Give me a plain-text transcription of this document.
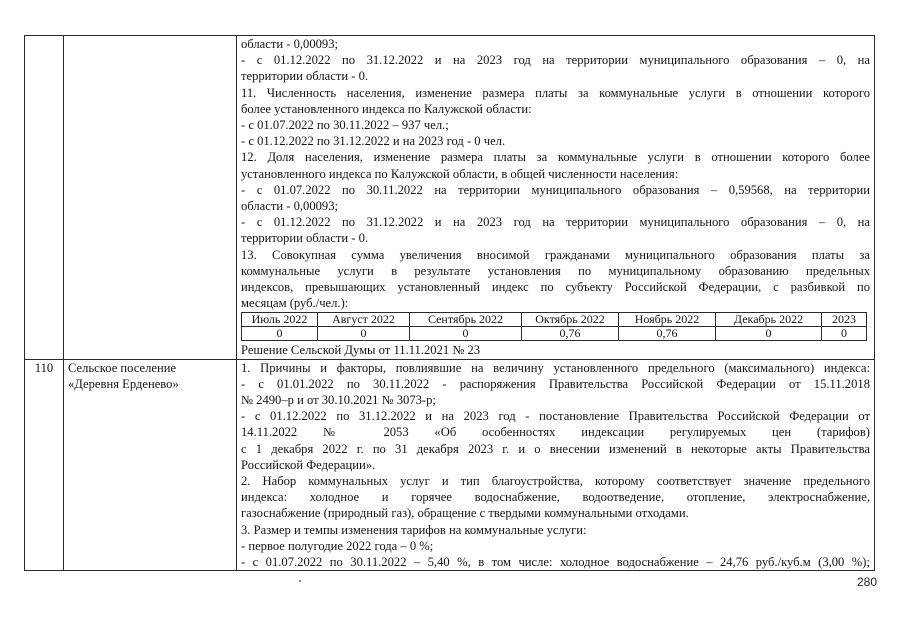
области - 0,00093;
- с 01.12.2022 по 31.12.2022 и на 2023 год на территории муниципального образования – 0, на
территории области - 0.
11. Численность населения, изменение размера платы за коммунальные услуги в отношении которого
более установленного индекса по Калужской области:
- с 01.07.2022 по 30.11.2022 – 937 чел.;
- с 01.12.2022 по 31.12.2022 и на 2023 год - 0 чел.
12. Доля населения, изменение размера платы за коммунальные услуги в отношении которого более
установленного индекса по Калужской области, в общей численности населения:
- с 01.07.2022 по 30.11.2022 на территории муниципального образования – 0,59568, на территории
области - 0,00093;
- с 01.12.2022 по 31.12.2022 и на 2023 год на территории муниципального образования – 0, на
территории области - 0.
13. Совокупная сумма увеличения вносимой гражданами муниципального образования платы за
коммунальные услуги в результате установления по муниципальному образованию предельных
индексов, превышающих установленный индекс по субъекту Российской Федерации, с разбивкой по
месяцам (руб./чел.):
Июль 2022	Август 2022	Сентябрь 2022	Октябрь 2022	Ноябрь 2022	Декабрь 2022	2023
0	0	0	0,76	0,76	0	0
Решение Сельской Думы от 11.11.2021 № 23

110	Сельское поселение
«Деревня Ерденево»

1. Причины и факторы, повлиявшие на величину установленного предельного (максимального) индекса:
- с 01.01.2022 по 30.11.2022 - распоряжения Правительства Российской Федерации от 15.11.2018
№ 2490–р и от 30.10.2021 № 3073-р;
- с 01.12.2022 по 31.12.2022 и на 2023 год - постановление Правительства Российской Федерации от
14.11.2022 № 2053 «Об особенностях индексации регулируемых цен (тарифов)
с 1 декабря 2022 г. по 31 декабря 2023 г. и о внесении изменений в некоторые акты Правительства
Российской Федерации».
2. Набор коммунальных услуг и тип благоустройства, которому соответствует значение предельного
индекса: холодное и горячее водоснабжение, водоотведение, отопление, электроснабжение,
газоснабжение (природный газ), обращение с твердыми коммунальными отходами.
3. Размер и темпы изменения тарифов на коммунальные услуги:
- первое полугодие 2022 года – 0 %;
- с 01.07.2022 по 30.11.2022 – 5,40 %, в том числе: холодное водоснабжение – 24,76 руб./куб.м (3,00 %);
280
